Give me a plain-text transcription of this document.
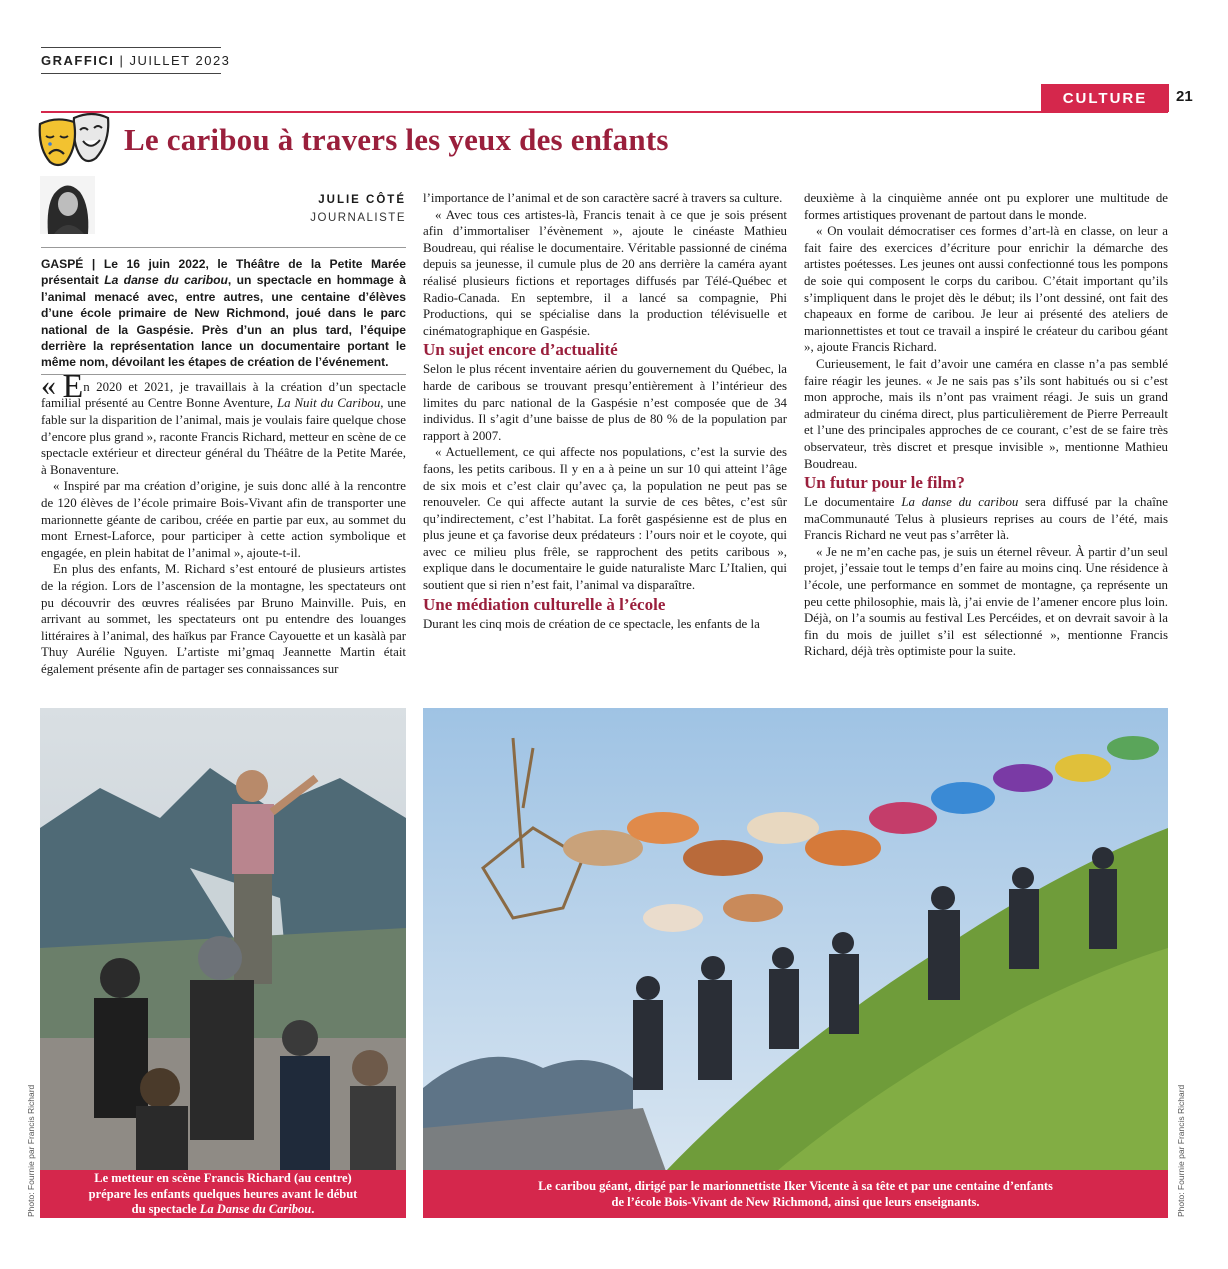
GRAFFICI | JUILLET 2023
CULTURE	21
Le caribou à travers les yeux des enfants
JULIE CÔTÉ
JOURNALISTE

GASPÉ | Le 16 juin 2022, le Théâtre de la Petite Marée présentait La danse du caribou, un spectacle en hommage à l’animal menacé avec, entre autres, une centaine d’élèves d’une école primaire de New Richmond, joué dans le parc national de la Gaspésie. Près d’un an plus tard, l’équipe derrière la représentation lance un documentaire portant le même nom, dévoilant les étapes de création de l’événement.

« En 2020 et 2021, je travaillais à la création d’un spectacle familial présenté au Centre Bonne Aventure, La Nuit du Caribou, une fable sur la disparition de l’animal, mais je voulais faire quelque chose d’encore plus grand », raconte Francis Richard, metteur en scène de ce spectacle extérieur et directeur général du Théâtre de la Petite Marée, à Bonaventure.

« Inspiré par ma création d’origine, je suis donc allé à la rencontre de 120 élèves de l’école primaire Bois-Vivant afin de transporter une marionnette géante de caribou, créée en partie par eux, au sommet du mont Ernest-Laforce, pour participer à cette action symbolique et engagée, en plein habitat de l’animal », ajoute-t-il.

En plus des enfants, M. Richard s’est entouré de plusieurs artistes de la région. Lors de l’ascension de la montagne, les spectateurs ont pu découvrir des œuvres réalisées par Bruno Mainville. Puis, en arrivant au sommet, les spectateurs ont pu entendre des louanges littéraires à l’animal, des haïkus par France Cayouette et un kasàlà par Thuy Aurélie Nguyen. L’artiste mi’gmaq Jeannette Martin était également présente afin de partager ses connaissances sur

l’importance de l’animal et de son caractère sacré à travers sa culture.

« Avec tous ces artistes-là, Francis tenait à ce que je sois présent afin d’immortaliser l’évènement », ajoute le cinéaste Mathieu Boudreau, qui réalise le documentaire. Véritable passionné de cinéma depuis sa jeunesse, il cumule plus de 20 ans derrière la caméra ayant réalisé plusieurs fictions et reportages diffusés par Télé-Québec et Radio-Canada. En septembre, il a lancé sa compagnie, Phi Productions, qui se spécialise dans la production télévisuelle et cinématographique en Gaspésie.

Un sujet encore d’actualité

Selon le plus récent inventaire aérien du gouvernement du Québec, la harde de caribous se trouvant presqu’entièrement à l’intérieur des limites du parc national de la Gaspésie n’est composée que de 34 individus. Il s’agit d’une baisse de plus de 80 % de la population par rapport à 2007.

« Actuellement, ce qui affecte nos populations, c’est la survie des faons, les petits caribous. Il y en a à peine un sur 10 qui atteint l’âge de six mois et c’est clair qu’avec ça, la population ne peut pas se renouveler. Ce qui affecte autant la survie de ces bêtes, c’est sûr qu’indirectement, c’est l’habitat. La forêt gaspésienne est de plus en plus jeune et ça favorise deux prédateurs : l’ours noir et le coyote, qui avec ce milieu plus frêle, se rapprochent des petits caribous », explique dans le documentaire le guide naturaliste Marc L’Italien, qui soutient que si rien n’est fait, l’animal va disparaître.

Une médiation culturelle à l’école

Durant les cinq mois de création de ce spectacle, les enfants de la

deuxième à la cinquième année ont pu explorer une multitude de formes artistiques provenant de partout dans le monde.

« On voulait démocratiser ces formes d’art-là en classe, on leur a fait faire des exercices d’écriture pour enrichir la démarche des artistes poétesses. Les jeunes ont aussi confectionné tous les pompons de soie qui composent le corps du caribou. C’était important qu’ils s’impliquent dans le projet dès le début; ils l’ont dessiné, ont fait des chapeaux en forme de caribou. Je leur ai présenté des ateliers de marionnettistes et tout ce travail a inspiré le créateur du caribou géant », ajoute Francis Richard.

Curieusement, le fait d’avoir une caméra en classe n’a pas semblé faire réagir les jeunes. « Je ne sais pas s’ils sont habitués ou si c’est mon approche, mais ils n’ont pas vraiment réagi. Je suis un grand admirateur du cinéma direct, plus particulièrement de Pierre Perreault et l’une des principales approches de ce courant, c’est de se faire très observateur, très discret et presque invisible », mentionne Mathieu Boudreau.

Un futur pour le film?

Le documentaire La danse du caribou sera diffusé par la chaîne maCommunauté Telus à plusieurs reprises au cours de l’été, mais Francis Richard ne veut pas s’arrêter là.

« Je ne m’en cache pas, je suis un éternel rêveur. À partir d’un seul projet, j’essaie tout le temps d’en faire au moins cinq. Une résidence à l’école, une performance en sommet de montagne, ça représente un peu cette philosophie, mais là, j’ai envie de l’amener encore plus loin. Déjà, on l’a soumis au festival Les Percéides, et on devrait savoir à la fin du mois de juillet s’il est sélectionné », mentionne Francis Richard, déjà très optimiste pour la suite.

Le metteur en scène Francis Richard (au centre)
prépare les enfants quelques heures avant le début
du spectacle La Danse du Caribou.
Photo: Fournie par Francis Richard	Le caribou géant, dirigé par le marionnettiste Iker Vicente à sa tête et par une centaine d’enfants
de l’école Bois-Vivant de New Richmond, ainsi que leurs enseignants.	Photo: Fournie par Francis Richard
